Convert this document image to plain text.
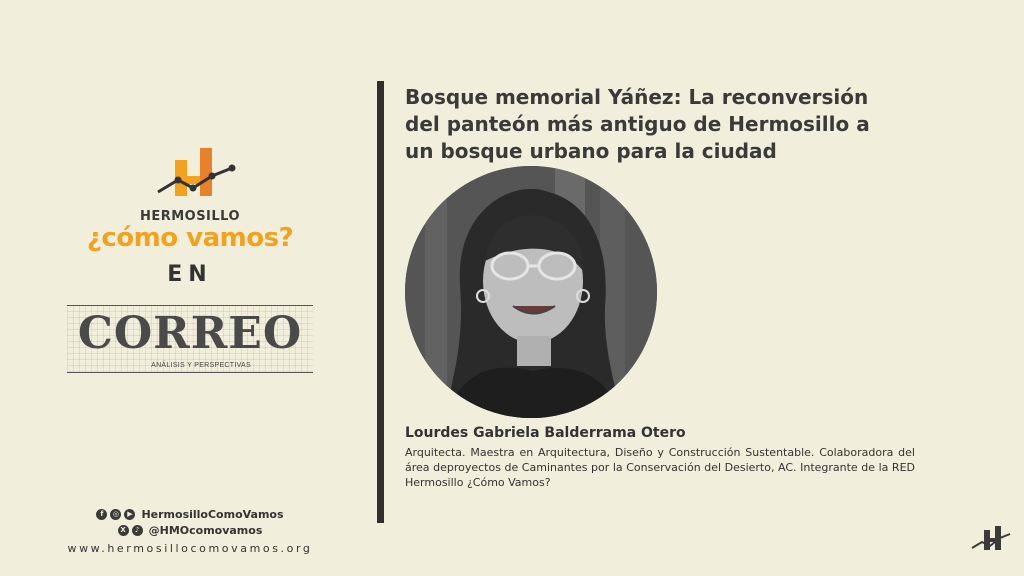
HERMOSILLO
¿cómo vamos?
EN
CORREO
ANÁLISIS Y PERSPECTIVAS
f	◎	▶ HermosilloComoVamos
X	♪ @HMOcomovamos
www.hermosillocomovamos.org
Bosque memorial Yáñez: La reconversión
del panteón más antiguo de Hermosillo a
un bosque urbano para la ciudad
Lourdes Gabriela Balderrama Otero
Arquitecta. Maestra en Arquitectura, Diseño y Construcción Sustentable. Colaboradora del área deproyectos de Caminantes por la Conservación del Desierto, AC. Integrante de la RED Hermosillo ¿Cómo Vamos?
